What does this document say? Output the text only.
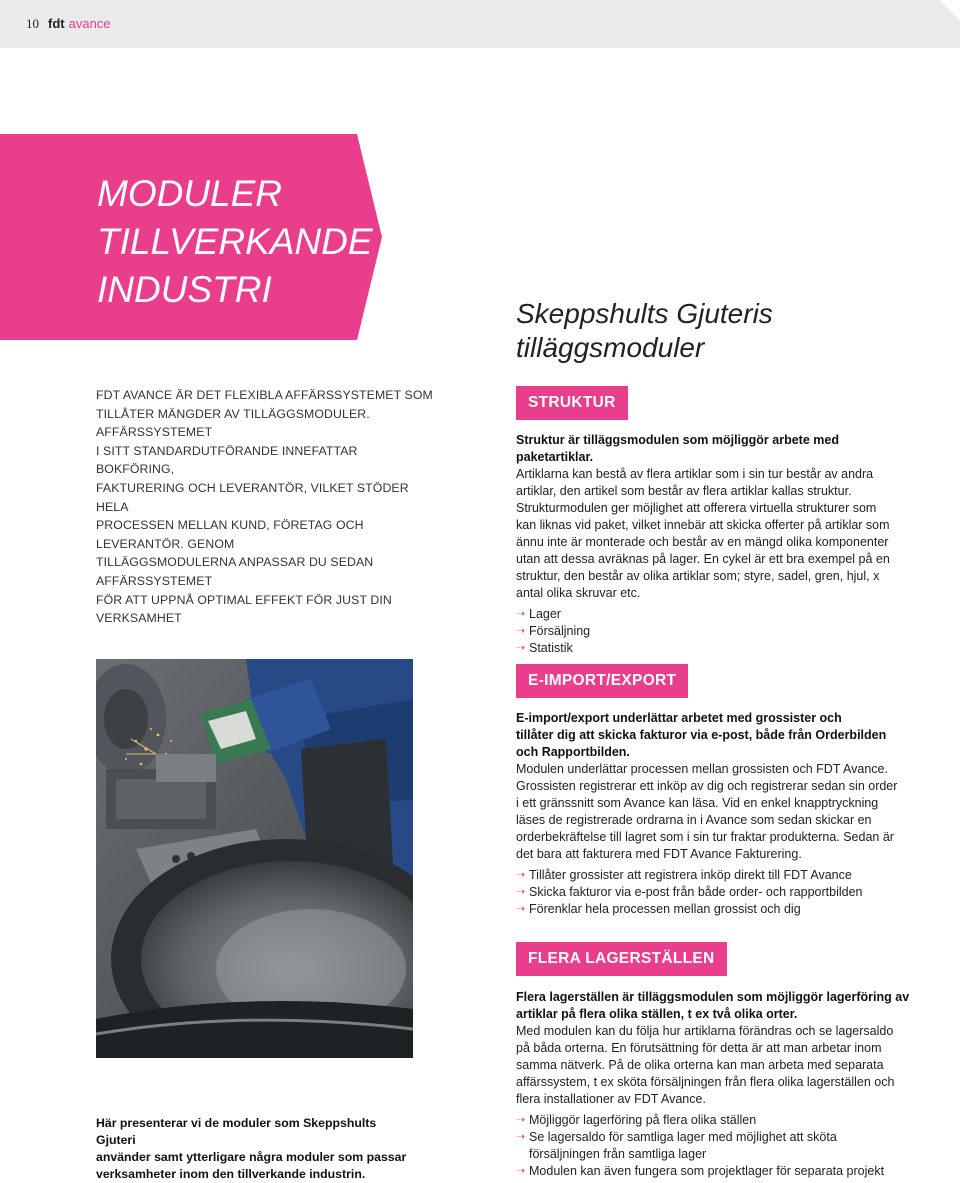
10 fdt avance
MODULER
TILLVERKANDE
INDUSTRI
FDT AVANCE ÄR DET FLEXIBLA AFFÄRSSYSTEMET SOM
TILLÅTER MÄNGDER AV TILLÄGGSMODULER. AFFÄRSSYSTEMET
I SITT STANDARDUTFÖRANDE INNEFATTAR BOKFÖRING,
FAKTURERING OCH LEVERANTÖR, VILKET STÖDER HELA
PROCESSEN MELLAN KUND, FÖRETAG OCH LEVERANTÖR. GENOM
TILLÄGGSMODULERNA ANPASSAR DU SEDAN AFFÄRSSYSTEMET
FÖR ATT UPPNÅ OPTIMAL EFFEKT FÖR JUST DIN VERKSAMHET
Här presenterar vi de moduler som Skeppshults Gjuteri
använder samt ytterligare några moduler som passar
verksamheter inom den tillverkande industrin.
Skeppshults Gjuteris
tilläggsmoduler
STRUKTUR
Struktur är tilläggsmodulen som möjliggör arbete med paketartiklar.
Artiklarna kan bestå av flera artiklar som i sin tur består av andra
artiklar, den artikel som består av flera artiklar kallas struktur.
Strukturmodulen ger möjlighet att offerera virtuella strukturer som
kan liknas vid paket, vilket innebär att skicka offerter på artiklar som
ännu inte är monterade och består av en mängd olika komponenter
utan att dessa avräknas på lager. En cykel är ett bra exempel på en
struktur, den består av olika artiklar som; styre, sadel, gren, hjul, x
antal olika skruvar etc.
➝ Lager
➝ Försäljning
➝ Statistik
E-IMPORT/EXPORT
E-import/export underlättar arbetet med grossister och
tillåter dig att skicka fakturor via e-post, både från Orderbilden
och Rapportbilden.
Modulen underlättar processen mellan grossisten och FDT Avance.
Grossisten registrerar ett inköp av dig och registrerar sedan sin order
i ett gränssnitt som Avance kan läsa. Vid en enkel knapptryckning
läses de registrerade ordrarna in i Avance som sedan skickar en
orderbekräftelse till lagret som i sin tur fraktar produkterna. Sedan är
det bara att fakturera med FDT Avance Fakturering.
➝ Tillåter grossister att registrera inköp direkt till FDT Avance
➝ Skicka fakturor via e-post från både order- och rapportbilden
➝ Förenklar hela processen mellan grossist och dig
FLERA LAGERSTÄLLEN
Flera lagerställen är tilläggsmodulen som möjliggör lagerföring av
artiklar på flera olika ställen, t ex två olika orter.
Med modulen kan du följa hur artiklarna förändras och se lagersaldo
på båda orterna. En förutsättning för detta är att man arbetar inom
samma nätverk. På de olika orterna kan man arbeta med separata
affärssystem, t ex sköta försäljningen från flera olika lagerställen och
flera installationer av FDT Avance.
➝ Möjliggör lagerföring på flera olika ställen
➝ Se lagersaldo för samtliga lager med möjlighet att sköta försäljningen från samtliga lager
➝ Modulen kan även fungera som projektlager för separata projekt
